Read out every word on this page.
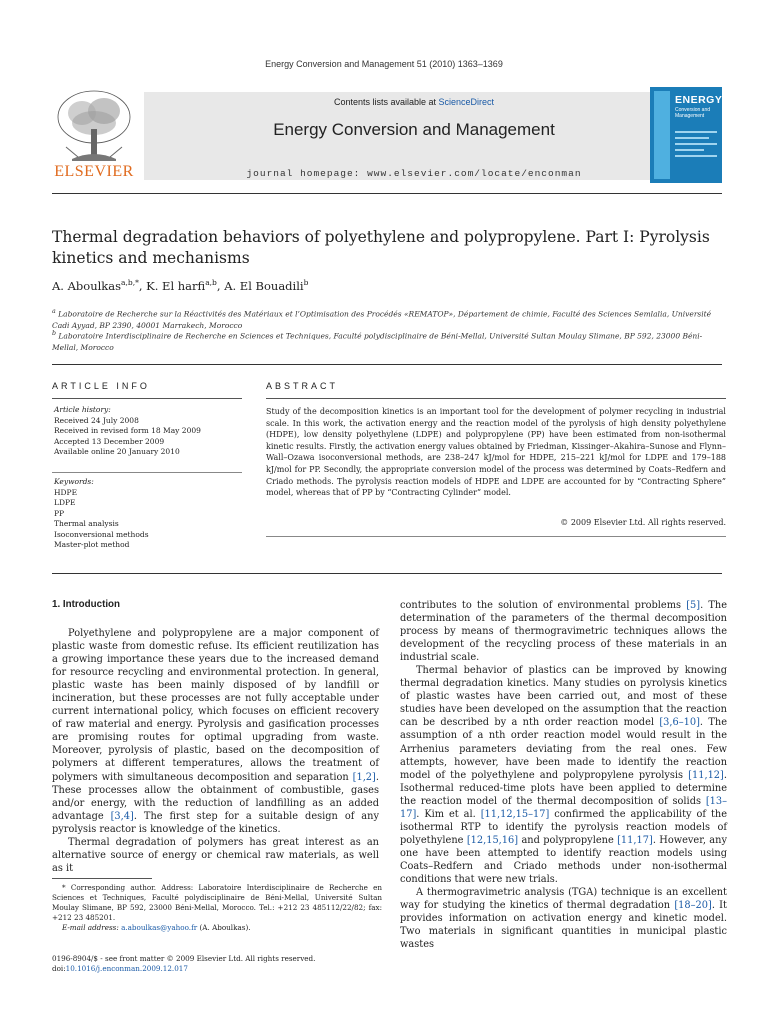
Energy Conversion and Management 51 (2010) 1363–1369
ELSEVIER
Contents lists available at ScienceDirect
Energy Conversion and Management
journal homepage: www.elsevier.com/locate/enconman
ENERGY
Conversion and Management
Thermal degradation behaviors of polyethylene and polypropylene. Part I: Pyrolysis kinetics and mechanisms
A. Aboulkas$^{a,b,*}$, K. El harfi$^{a,b}$, A. El Bouadili$^b$
$^a$ Laboratoire de Recherche sur la Réactivités des Matériaux et l’Optimisation des Procédés «REMATOP», Département de chimie, Faculté des Sciences Semlalia, Université Cadi Ayyad, BP 2390, 40001 Marrakech, Morocco
$^b$ Laboratoire Interdisciplinaire de Recherche en Sciences et Techniques, Faculté polydisciplinaire de Béni-Mellal, Université Sultan Moulay Slimane, BP 592, 23000 Béni-Mellal, Morocco
ARTICLE INFO
Article history:
Received 24 July 2008
Received in revised form 18 May 2009
Accepted 13 December 2009
Available online 20 January 2010
Keywords:
HDPE
LDPE
PP
Thermal analysis
Isoconversional methods
Master-plot method
ABSTRACT
Study of the decomposition kinetics is an important tool for the development of polymer recycling in industrial scale. In this work, the activation energy and the reaction model of the pyrolysis of high density polyethylene (HDPE), low density polyethylene (LDPE) and polypropylene (PP) have been estimated from non-isothermal kinetic results. Firstly, the activation energy values obtained by Friedman, Kissinger–Akahira–Sunose and Flynn–Wall–Ozawa isoconversional methods, are 238–247 kJ/mol for HDPE, 215–221 kJ/mol for LDPE and 179–188 kJ/mol for PP. Secondly, the appropriate conversion model of the process was determined by Coats–Redfern and Criado methods. The pyrolysis reaction models of HDPE and LDPE are accounted for by “Contracting Sphere” model, whereas that of PP by “Contracting Cylinder” model.
© 2009 Elsevier Ltd. All rights reserved.
1. Introduction

Polyethylene and polypropylene are a major component of plastic waste from domestic refuse. Its efficient reutilization has a growing importance these years due to the increased demand for resource recycling and environmental protection. In general, plastic waste has been mainly disposed of by landfill or incineration, but these processes are not fully acceptable under current international policy, which focuses on efficient recovery of raw material and energy. Pyrolysis and gasification processes are promising routes for optimal upgrading from waste. Moreover, pyrolysis of plastic, based on the decomposition of polymers at different temperatures, allows the treatment of polymers with simultaneous decomposition and separation [1,2]. These processes allow the obtainment of combustible, gases and/or energy, with the reduction of landfilling as an added advantage [3,4]. The first step for a suitable design of any pyrolysis reactor is knowledge of the kinetics.

Thermal degradation of polymers has great interest as an alternative source of energy or chemical raw materials, as well as it

contributes to the solution of environmental problems [5]. The determination of the parameters of the thermal decomposition process by means of thermogravimetric techniques allows the development of the recycling process of these materials in an industrial scale.

Thermal behavior of plastics can be improved by knowing thermal degradation kinetics. Many studies on pyrolysis kinetics of plastic wastes have been carried out, and most of these studies have been developed on the assumption that the reaction can be described by a nth order reaction model [3,6–10]. The assumption of a nth order reaction model would result in the Arrhenius parameters deviating from the real ones. Few attempts, however, have been made to identify the reaction model of the polyethylene and polypropylene pyrolysis [11,12]. Isothermal reduced-time plots have been applied to determine the reaction model of the thermal decomposition of solids [13–17]. Kim et al. [11,12,15–17] confirmed the applicability of the isothermal RTP to identify the pyrolysis reaction models of polyethylene [12,15,16] and polypropylene [11,17]. However, any one have been attempted to identify reaction models using Coats–Redfern and Criado methods under non-isothermal conditions that were new trials.

A thermogravimetric analysis (TGA) technique is an excellent way for studying the kinetics of thermal degradation [18–20]. It provides information on activation energy and kinetic model. Two materials in significant quantities in municipal plastic wastes

* Corresponding author. Address: Laboratoire Interdisciplinaire de Recherche en Sciences et Techniques, Faculté polydisciplinaire de Béni-Mellal, Université Sultan Moulay Slimane, BP 592, 23000 Béni-Mellal, Morocco. Tel.: +212 23 485112/22/82; fax: +212 23 485201.
E-mail address: a.aboulkas@yahoo.fr (A. Aboulkas).
0196-8904/$ - see front matter © 2009 Elsevier Ltd. All rights reserved.
doi:10.1016/j.enconman.2009.12.017
